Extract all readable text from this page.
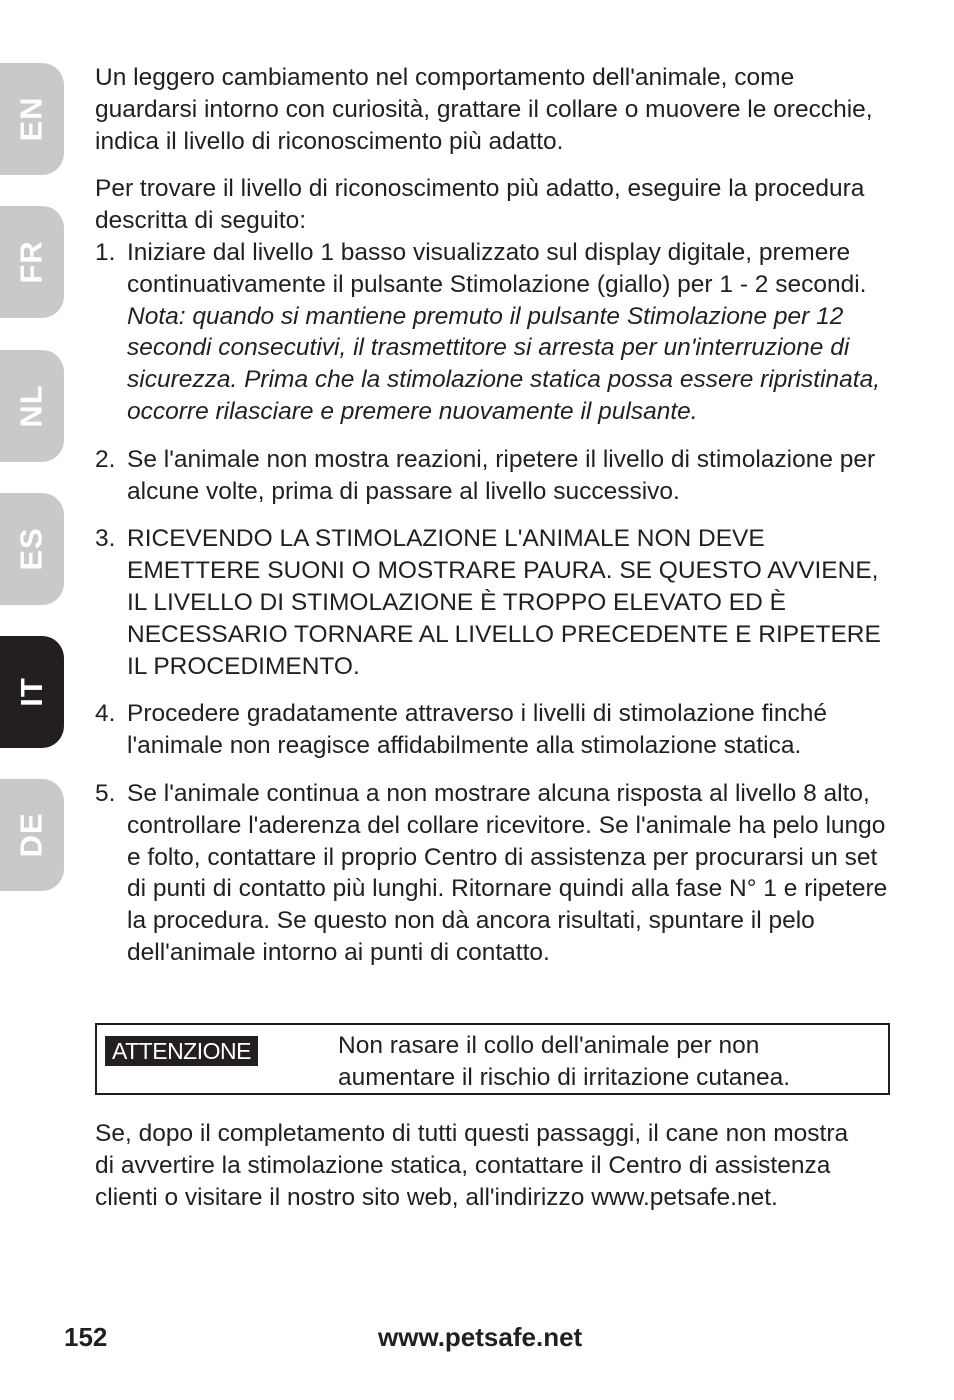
EN
FR
NL
ES
IT
DE

Un leggero cambiamento nel comportamento dell'animale, come guardarsi intorno con curiosità, grattare il collare o muovere le orecchie, indica il livello di riconoscimento più adatto.

Per trovare il livello di riconoscimento più adatto, eseguire la procedura descritta di seguito:

1. Iniziare dal livello 1 basso visualizzato sul display digitale, premere continuativamente il pulsante Stimolazione (giallo) per 1 - 2 secondi. Nota: quando si mantiene premuto il pulsante Stimolazione per 12 secondi consecutivi, il trasmettitore si arresta per un'interruzione di sicurezza. Prima che la stimolazione statica possa essere ripristinata, occorre rilasciare e premere nuovamente il pulsante.
2. Se l'animale non mostra reazioni, ripetere il livello di stimolazione per alcune volte, prima di passare al livello successivo.
3. RICEVENDO LA STIMOLAZIONE L'ANIMALE NON DEVE EMETTERE SUONI O MOSTRARE PAURA. SE QUESTO AVVIENE, IL LIVELLO DI STIMOLAZIONE È TROPPO ELEVATO ED È NECESSARIO TORNARE AL LIVELLO PRECEDENTE E RIPETERE IL PROCEDIMENTO.
4. Procedere gradatamente attraverso i livelli di stimolazione finché l'animale non reagisce affidabilmente alla stimolazione statica.
5. Se l'animale continua a non mostrare alcuna risposta al livello 8 alto, controllare l'aderenza del collare ricevitore. Se l'animale ha pelo lungo e folto, contattare il proprio Centro di assistenza per procurarsi un set di punti di contatto più lunghi. Ritornare quindi alla fase N° 1 e ripetere la procedura. Se questo non dà ancora risultati, spuntare il pelo dell'animale intorno ai punti di contatto.
ATTENZIONE	Non rasare il collo dell'animale per non aumentare il rischio di irritazione cutanea.

Se, dopo il completamento di tutti questi passaggi, il cane non mostra di avvertire la stimolazione statica, contattare il Centro di assistenza clienti o visitare il nostro sito web, all'indirizzo www.petsafe.net.

152	www.petsafe.net
